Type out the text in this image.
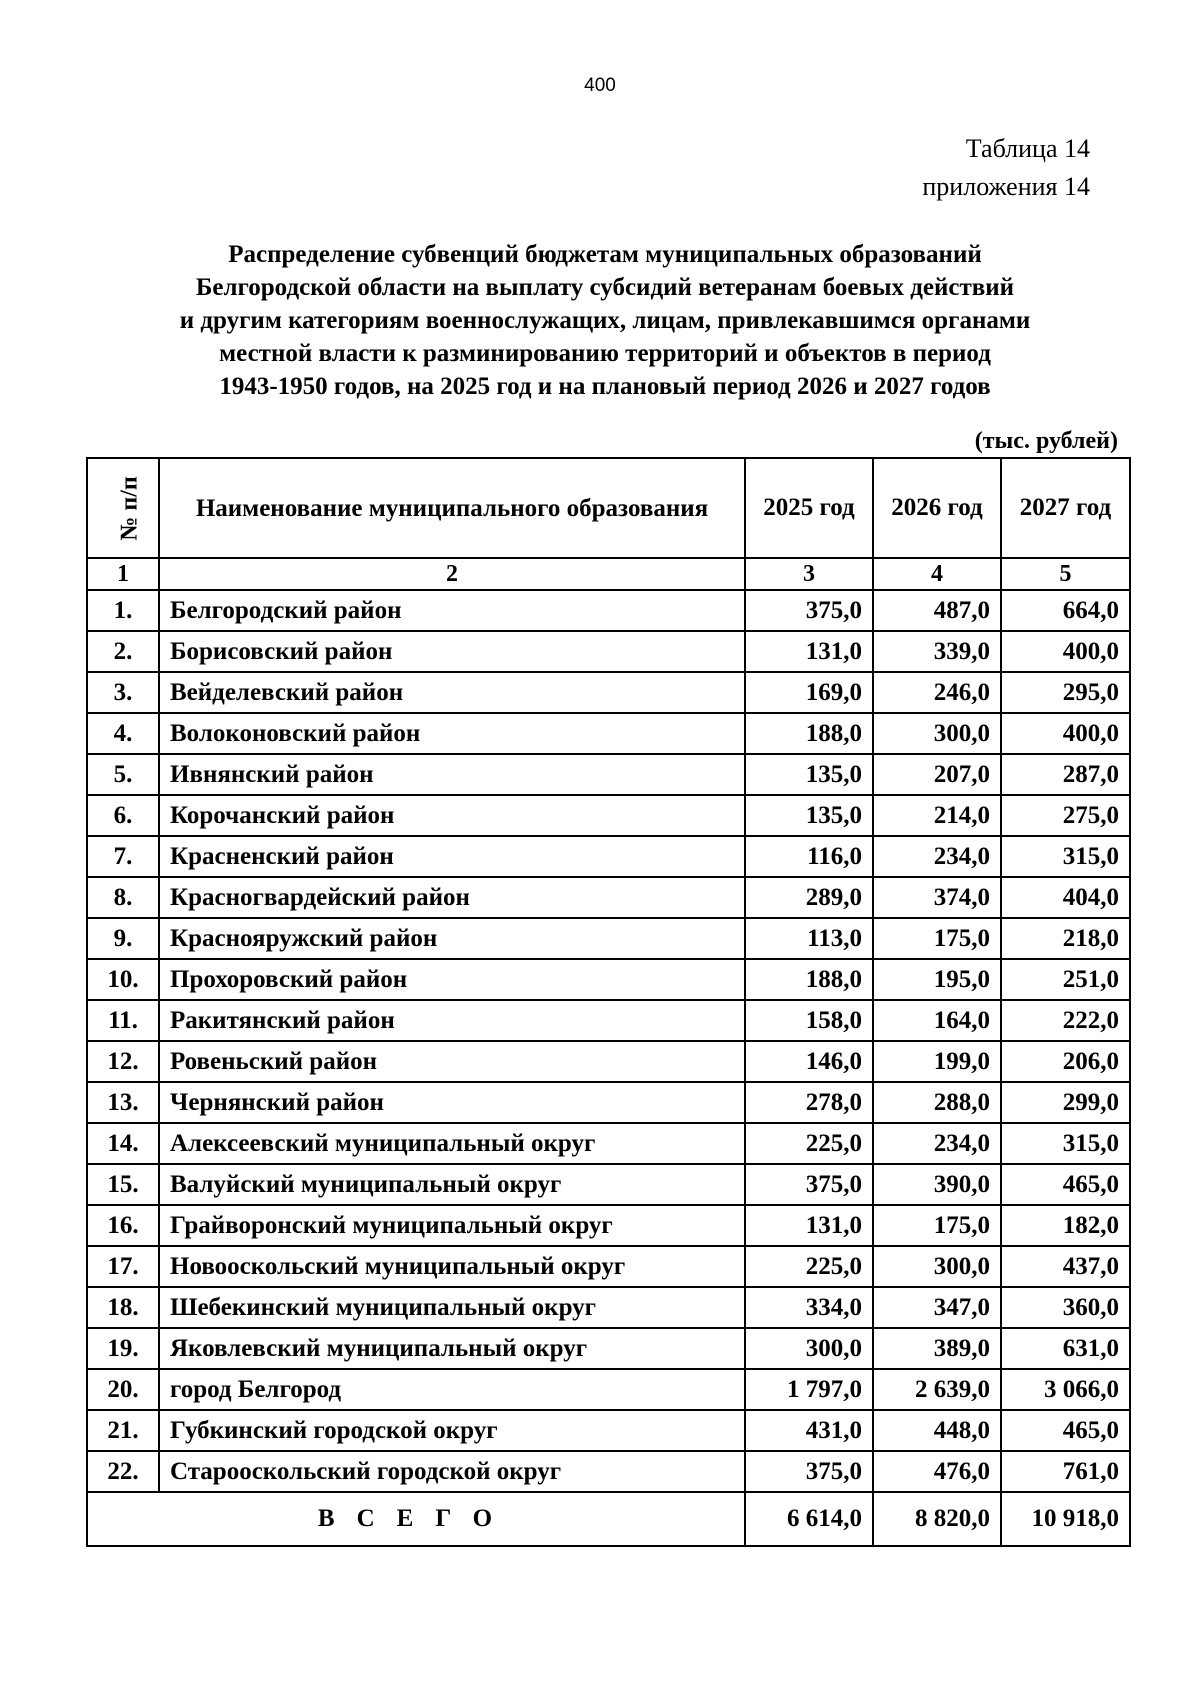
400
Таблица 14
приложения 14
Распределение субвенций бюджетам муниципальных образований
Белгородской области на выплату субсидий ветеранам боевых действий
и другим категориям военнослужащих, лицам, привлекавшимся органами
местной власти к разминированию территорий и объектов в период
1943-1950 годов, на 2025 год и на плановый период 2026 и 2027 годов
(тыс. рублей)
№ п/п	Наименование муниципального образования	2025 год	2026 год	2027 год
1	2	3	4	5
1.	Белгородский район	375,0	487,0	664,0
2.	Борисовский район	131,0	339,0	400,0
3.	Вейделевский район	169,0	246,0	295,0
4.	Волоконовский район	188,0	300,0	400,0
5.	Ивнянский район	135,0	207,0	287,0
6.	Корочанский район	135,0	214,0	275,0
7.	Красненский район	116,0	234,0	315,0
8.	Красногвардейский район	289,0	374,0	404,0
9.	Краснояружский район	113,0	175,0	218,0
10.	Прохоровский район	188,0	195,0	251,0
11.	Ракитянский район	158,0	164,0	222,0
12.	Ровеньский район	146,0	199,0	206,0
13.	Чернянский район	278,0	288,0	299,0
14.	Алексеевский муниципальный округ	225,0	234,0	315,0
15.	Валуйский муниципальный округ	375,0	390,0	465,0
16.	Грайворонский муниципальный округ	131,0	175,0	182,0
17.	Новооскольский муниципальный округ	225,0	300,0	437,0
18.	Шебекинский муниципальный округ	334,0	347,0	360,0
19.	Яковлевский муниципальный округ	300,0	389,0	631,0
20.	город Белгород	1 797,0	2 639,0	3 066,0
21.	Губкинский городской округ	431,0	448,0	465,0
22.	Старооскольский городской округ	375,0	476,0	761,0
ВСЕГО		6 614,0	8 820,0	10 918,0
